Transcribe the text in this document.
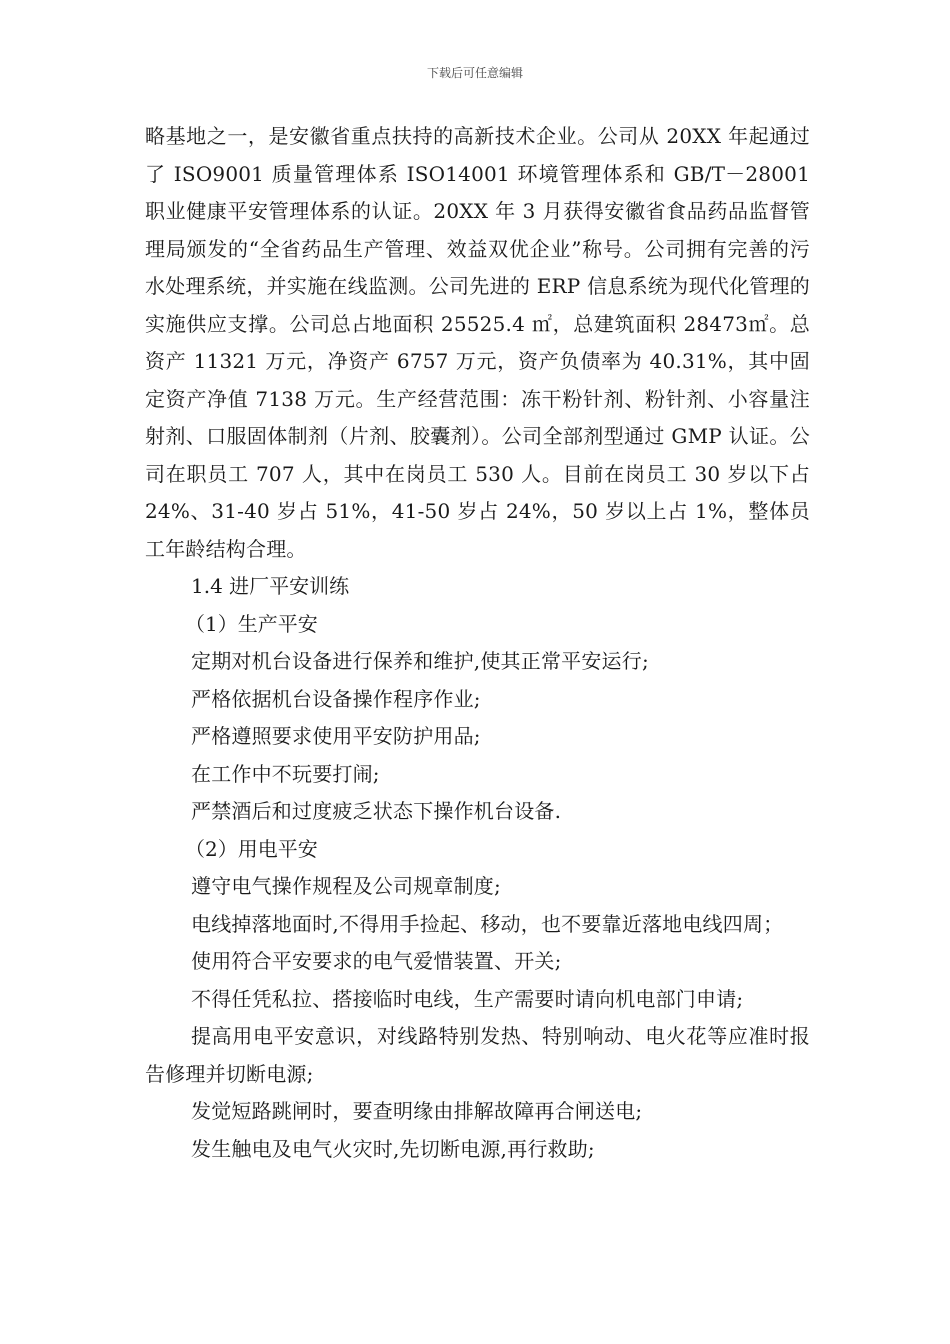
下载后可任意编辑

略基地之一，是安徽省重点扶持的高新技术企业。公司从 20XX 年起通过了 ISO9001 质量管理体系 ISO14001 环境管理体系和 GB/T－28001 职业健康平安管理体系的认证。20XX 年 3 月获得安徽省食品药品监督管理局颁发的“全省药品生产管理、效益双优企业”称号。公司拥有完善的污水处理系统，并实施在线监测。公司先进的 ERP 信息系统为现代化管理的实施供应支撑。公司总占地面积 25525.4 ㎡，总建筑面积 28473㎡。总资产 11321 万元，净资产 6757 万元，资产负债率为 40.31%，其中固定资产净值 7138 万元。生产经营范围：冻干粉针剂、粉针剂、小容量注射剂、口服固体制剂（片剂、胶囊剂）。公司全部剂型通过 GMP 认证。公司在职员工 707 人，其中在岗员工 530 人。目前在岗员工 30 岁以下占 24%、31-40 岁占 51%，41-50 岁占 24%，50 岁以上占 1%，整体员工年龄结构合理。

1.4 进厂平安训练

（1）生产平安

定期对机台设备进行保养和维护,使其正常平安运行;

严格依据机台设备操作程序作业;

严格遵照要求使用平安防护用品;

在工作中不玩要打闹;

严禁酒后和过度疲乏状态下操作机台设备.

（2）用电平安

遵守电气操作规程及公司规章制度;

电线掉落地面时,不得用手捡起、移动，也不要靠近落地电线四周；

使用符合平安要求的电气爱惜装置、开关;

不得任凭私拉、搭接临时电线，生产需要时请向机电部门申请;

提高用电平安意识，对线路特别发热、特别响动、电火花等应准时报告修理并切断电源;

发觉短路跳闸时，要查明缘由排解故障再合闸送电;

发生触电及电气火灾时,先切断电源,再行救助;
